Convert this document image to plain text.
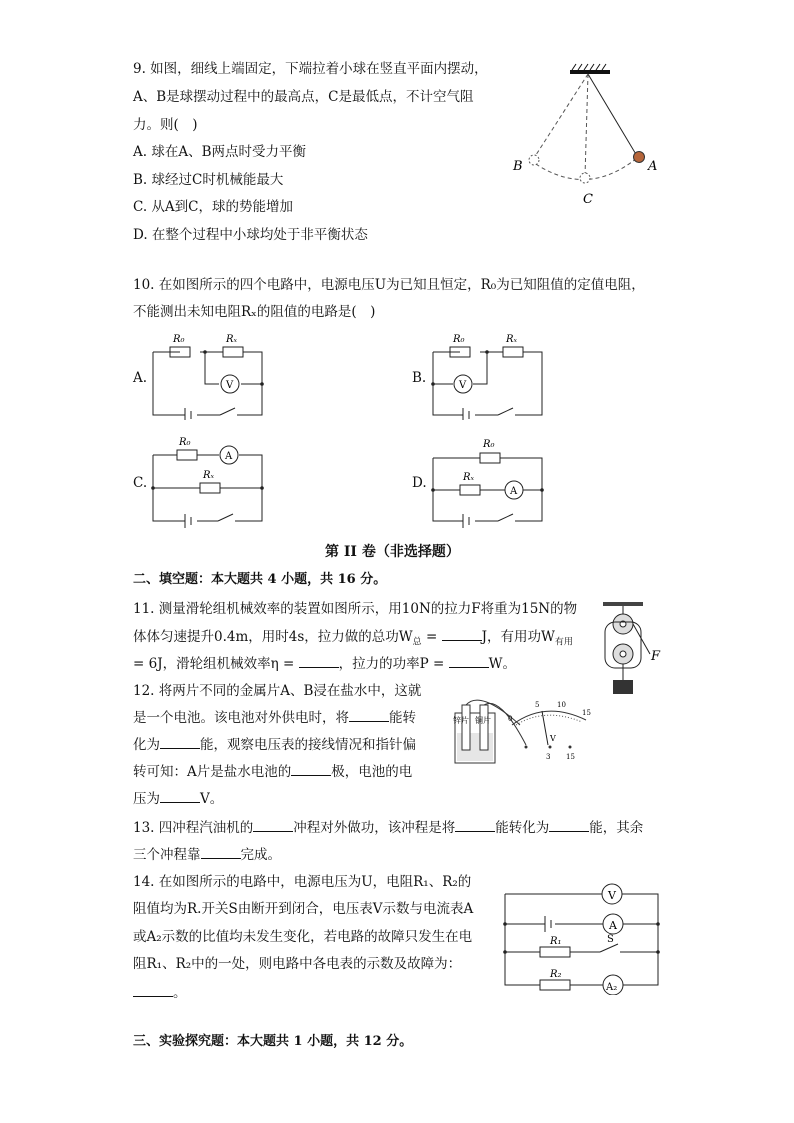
9. 如图，细线上端固定，下端拉着小球在竖直平面内摆动，
A、B是球摆动过程中的最高点，C是最低点，不计空气阻
力。则(　)
A. 球在A、B两点时受力平衡
B. 球经过C时机械能最大
C. 从A到C，球的势能增加
D. 在整个过程中小球均处于非平衡状态
A
B
C
10. 在如图所示的四个电路中，电源电压U为已知且恒定，R₀为已知阻值的定值电阻，
不能测出未知电阻Rₓ的阻值的电路是(　)
A.
R₀	Rₓ
V	B.
R₀	Rₓ
V
C.
R₀
Rₓ
A
D.
R₀
Rₓ
A
第 II 卷（非选择题）
二、填空题：本大题共 4 小题，共 16 分。
11. 测量滑轮组机械效率的装置如图所示，用10N的拉力F将重为15N的物
体体匀速提升0.4m，用时4s，拉力做的总功$W_总$ =	J，有用功$W_{有用}$
= 6J，滑轮组机械效率η =	，拉力的功率P =	W。	F
12. 将两片不同的金属片A、B浸在盐水中，这就
是一个电池。该电池对外供电时，将	能转
化为	能，观察电压表的接线情况和指针偏
转可知：A片是盐水电池的	极，电池的电
压为	V。
锌片 铜片 0
5	10
15
V
3 15
13. 四冲程汽油机的	冲程对外做功，该冲程是将	能转化为	能，其余
三个冲程靠	完成。
14. 在如图所示的电路中，电源电压为U，电阻R₁、R₂的
阻值均为R.开关S由断开到闭合，电压表V示数与电流表A
或A₂示数的比值均未发生变化，若电路的故障只发生在电
阻R₁、R₂中的一处，则电路中各电表的示数及故障为：
。
V
A
A₂
R₁
R₂
S
三、实验探究题：本大题共 1 小题，共 12 分。
